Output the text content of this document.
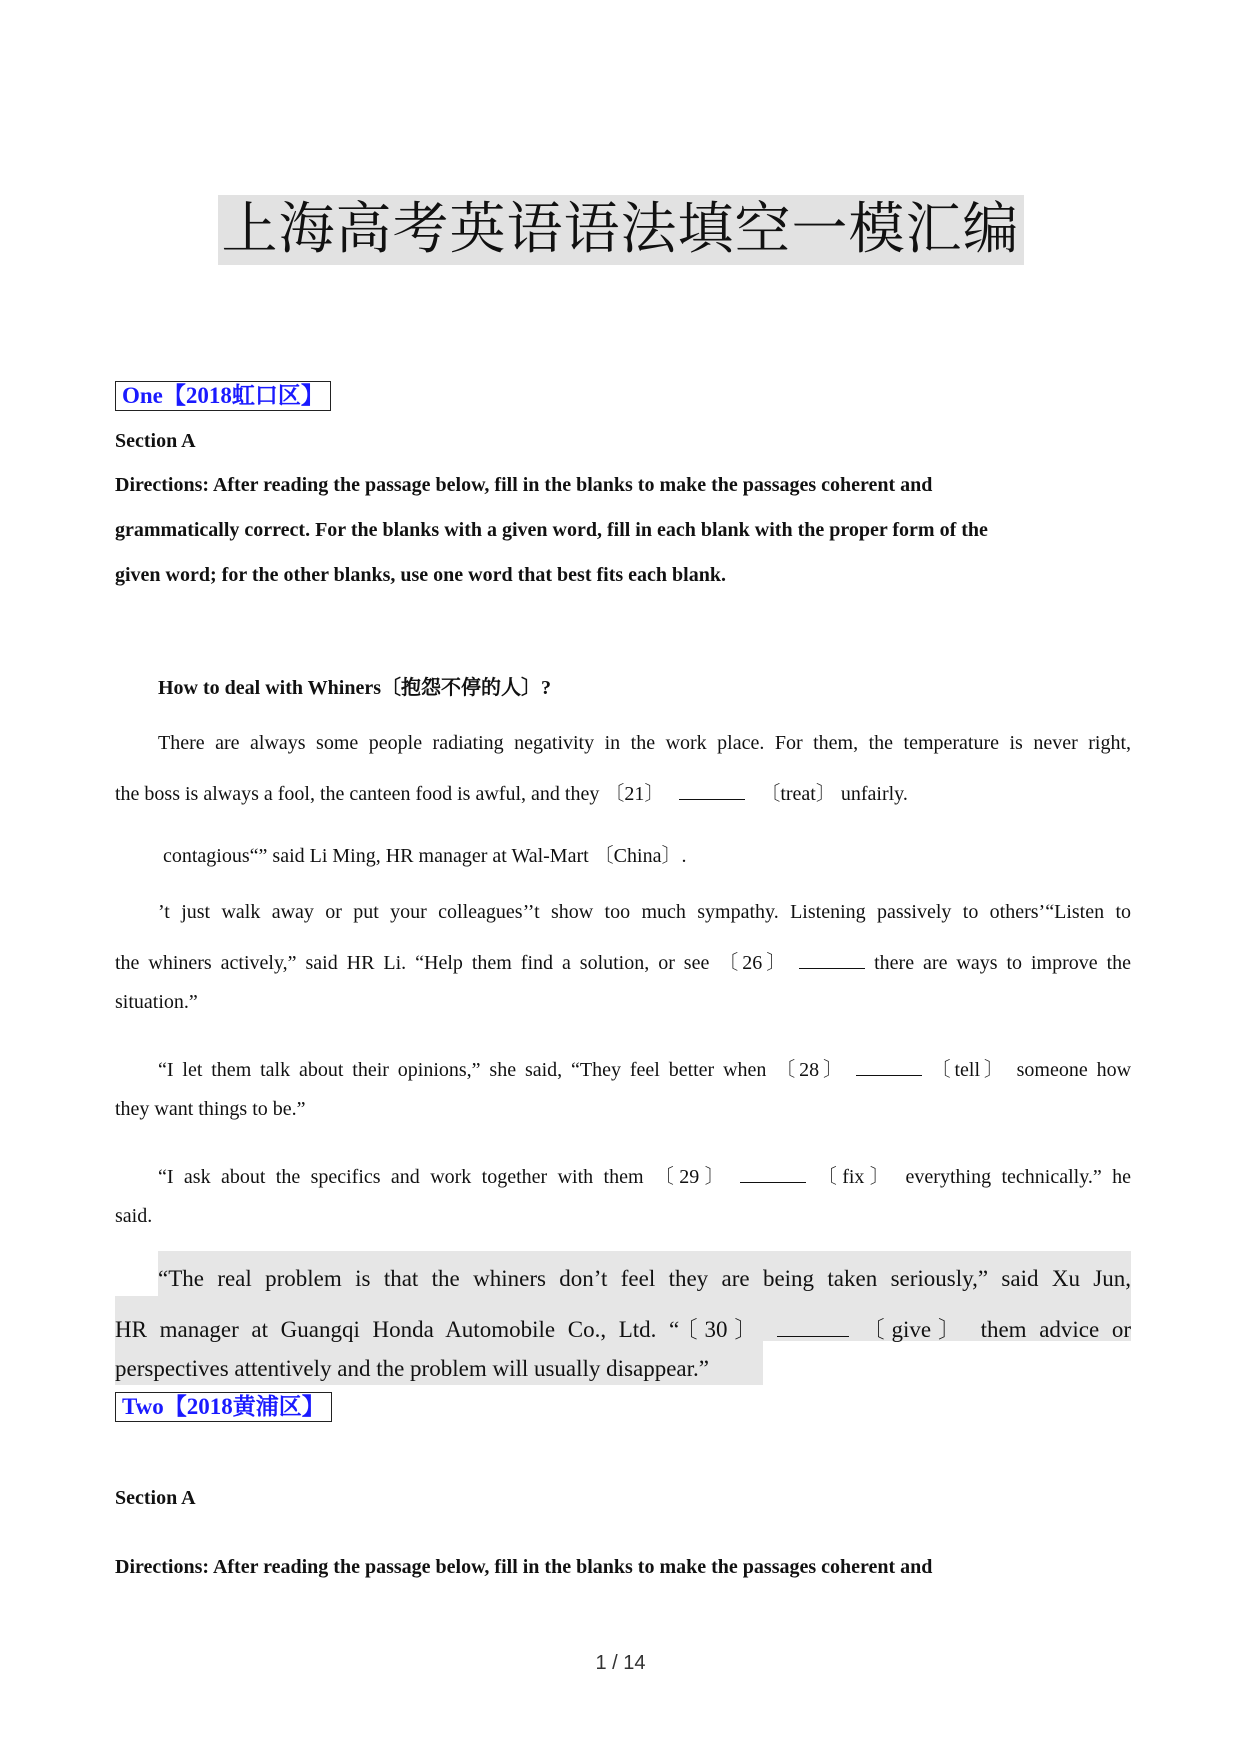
上海高考英语语法填空一模汇编
One【2018虹口区】
Section A
Directions: After reading the passage below, fill in the blanks to make the passages coherent and
grammatically correct. For the blanks with a given word, fill in each blank with the proper form of the
given word; for the other blanks, use one word that best fits each blank.
How to deal with Whiners〔抱怨不停的人〕?
There are always some people radiating negativity in the work place. For them, the temperature is never right,
the boss is always a fool, the canteen food is awful, and they 〔21〕	〔treat〕 unfairly.
contagious“” said Li Ming, HR manager at Wal-Mart 〔China〕.
’t just walk away or put your colleagues’’t show too much sympathy. Listening passively to others’“Listen to
the whiners actively,” said HR Li. “Help them find a solution, or see 〔26〕	there are ways to improve the
situation.”
“I let them talk about their opinions,” she said, “They feel better when 〔28〕	〔tell〕 someone how
they want things to be.”
“I ask about the specifics and work together with them 〔29〕	〔fix〕 everything technically.” he
said.
“The real problem is that the whiners don’t feel they are being taken seriously,” said Xu Jun,
HR manager at Guangqi Honda Automobile Co., Ltd. “〔30〕	〔give〕 them advice or
perspectives attentively and the problem will usually disappear.”
Two【2018黄浦区】
Section A
Directions: After reading the passage below, fill in the blanks to make the passages coherent and
1 / 14
